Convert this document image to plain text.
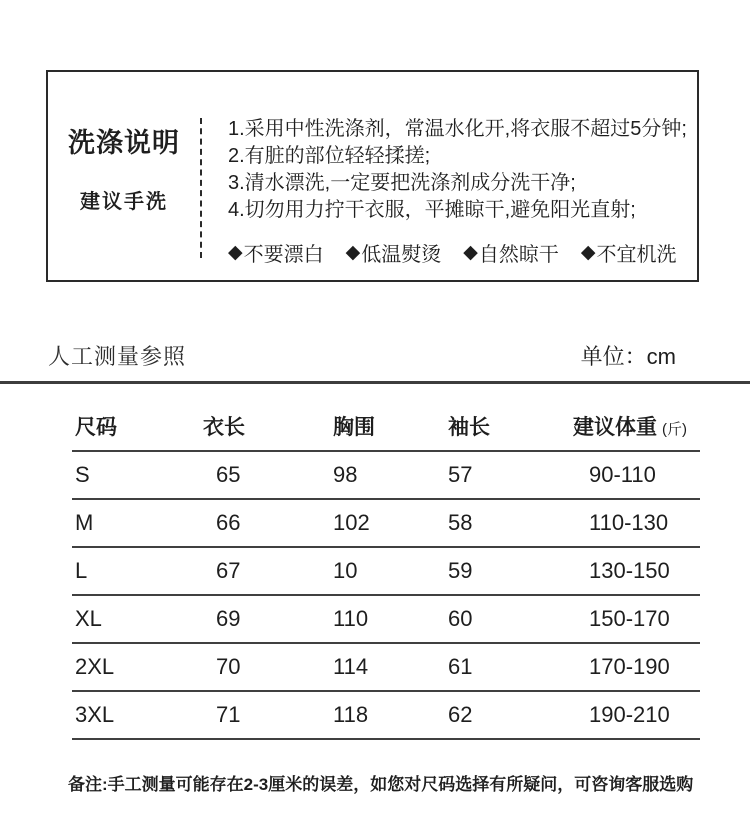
洗涤说明
建议手洗
1.采用中性洗涤剂，常温水化开,将衣服不超过5分钟;
2.有脏的部位轻轻揉搓;
3.清水漂洗,一定要把洗涤剂成分洗干净;
4.切勿用力拧干衣服，平摊晾干,避免阳光直射;
◆ 不要漂白 ◆ 低温熨烫 ◆ 自然晾干 ◆ 不宜机洗
人工测量参照	单位：cm
尺码	衣长	胸围	袖长	建议体重 (斤)
S	65	98	57	90-110
M	66	102	58	110-130
L	67	10	59	130-150
XL	69	110	60	150-170
2XL	70	114	61	170-190
3XL	71	118	62	190-210
备注:手工测量可能存在2-3厘米的误差，如您对尺码选择有所疑问，可咨询客服选购
